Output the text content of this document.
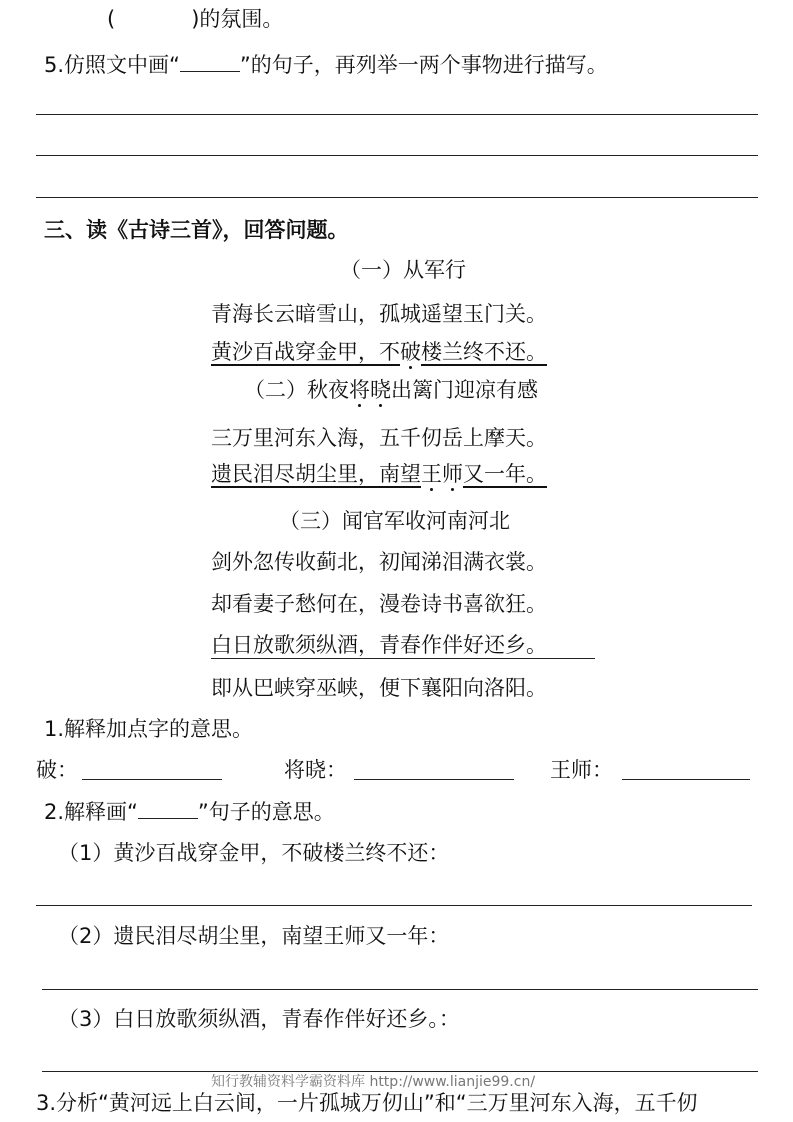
(	)的氛围。
5.仿照文中画“	”的句子，再列举一两个事物进行描写。
三、读《古诗三首》，回答问题。
（一）从军行
青海长云暗雪山，孤城遥望玉门关。
黄沙百战穿金甲，不破楼兰终不还。
（二）秋夜将晓出篱门迎凉有感
三万里河东入海，五千仞岳上摩天。
遗民泪尽胡尘里，南望王师又一年。
（三）闻官军收河南河北
剑外忽传收蓟北，初闻涕泪满衣裳。
却看妻子愁何在，漫卷诗书喜欲狂。
白日放歌须纵酒，青春作伴好还乡。
即从巴峡穿巫峡，便下襄阳向洛阳。
1.解释加点字的意思。
破：	将晓：	王师：
2.解释画“	”句子的意思。
（1）黄沙百战穿金甲，不破楼兰终不还：
（2）遗民泪尽胡尘里，南望王师又一年：
（3）白日放歌须纵酒，青春作伴好还乡。：
知行教辅资料学霸资料库 http://www.lianjie99.cn/
3.分析“黄河远上白云间，一片孤城万仞山”和“三万里河东入海，五千仞
